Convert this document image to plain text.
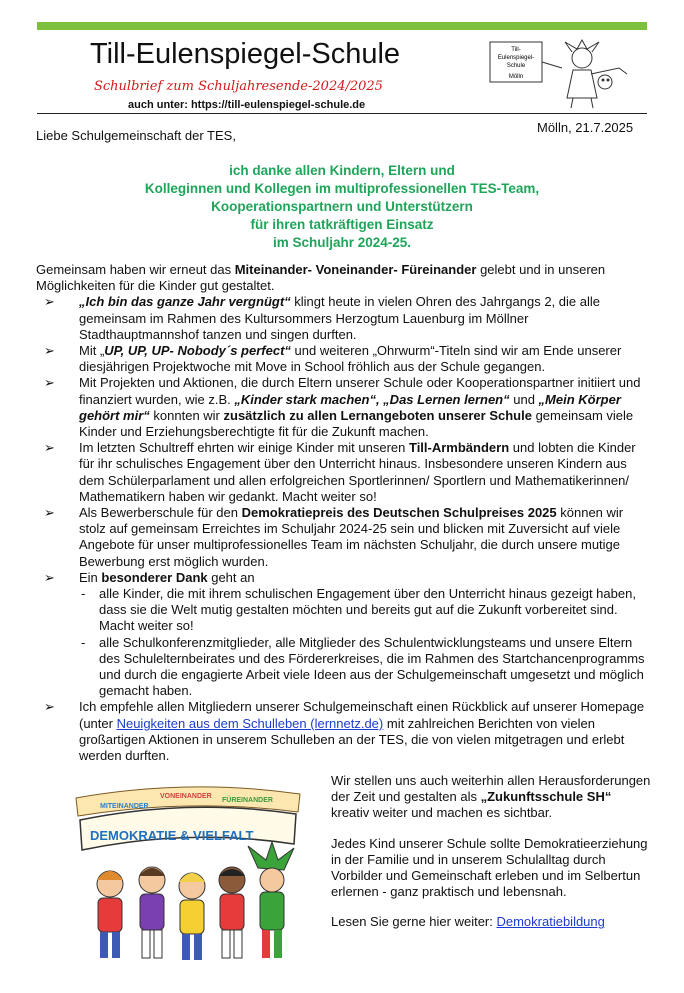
Till-Eulenspiegel-Schule
Schulbrief zum Schuljahresende-2024/2025
auch unter: https://till-eulenspiegel-schule.de
Till-
Eulenspiegel-
Schule
Mölln
Liebe Schulgemeinschaft der TES,
Mölln, 21.7.2025
ich danke allen Kindern, Eltern und
Kolleginnen und Kollegen im multiprofessionellen TES-Team,
Kooperationspartnern und Unterstützern
für ihren tatkräftigen Einsatz
im Schuljahr 2024-25.

Gemeinsam haben wir erneut das Miteinander- Voneinander- Füreinander gelebt und in unseren Möglichkeiten für die Kinder gut gestaltet.

➢ „Ich bin das ganze Jahr vergnügt“ klingt heute in vielen Ohren des Jahrgangs 2, die alle gemeinsam im Rahmen des Kultursommers Herzogtum Lauenburg im Möllner Stadthauptmannshof tanzen und singen durften.

➢ Mit „UP, UP, UP- Nobody´s perfect“ und weiteren „Ohrwurm“-Titeln sind wir am Ende unserer diesjährigen Projektwoche mit Move in School fröhlich aus der Schule gegangen.

➢ Mit Projekten und Aktionen, die durch Eltern unserer Schule oder Kooperationspartner initiiert und finanziert wurden, wie z.B. „Kinder stark machen“, „Das Lernen lernen“ und „Mein Körper gehört mir“ konnten wir zusätzlich zu allen Lernangeboten unserer Schule gemeinsam viele Kinder und Erziehungsberechtigte fit für die Zukunft machen.

➢ Im letzten Schultreff ehrten wir einige Kinder mit unseren Till-Armbändern und lobten die Kinder für ihr schulisches Engagement über den Unterricht hinaus. Insbesondere unseren Kindern aus dem Schülerparlament und allen erfolgreichen Sportlerinnen/ Sportlern und Mathematikerinnen/ Mathematikern haben wir gedankt. Macht weiter so!

➢ Als Bewerberschule für den Demokratiepreis des Deutschen Schulpreises 2025 können wir stolz auf gemeinsam Erreichtes im Schuljahr 2024-25 sein und blicken mit Zuversicht auf viele Angebote für unser multiprofessionelles Team im nächsten Schuljahr, die durch unsere mutige Bewerbung erst möglich wurden.

➢ Ein besonderer Dank geht an

- alle Kinder, die mit ihrem schulischen Engagement über den Unterricht hinaus gezeigt haben, dass sie die Welt mutig gestalten möchten und bereits gut auf die Zukunft vorbereitet sind. Macht weiter so!

- alle Schulkonferenzmitglieder, alle Mitglieder des Schulentwicklungsteams und unsere Eltern des Schulelternbeirates und des Fördererkreises, die im Rahmen des Startchancenprogramms und durch die engagierte Arbeit viele Ideen aus der Schulgemeinschaft umgesetzt und möglich gemacht haben.

➢ Ich empfehle allen Mitgliedern unserer Schulgemeinschaft einen Rückblick auf unserer Homepage (unter Neuigkeiten aus dem Schulleben (lernnetz.de) mit zahlreichen Berichten von vielen großartigen Aktionen in unserem Schulleben an der TES, die von vielen mitgetragen und erlebt werden durften.

MITEINANDER
VONEINANDER
FÜREINANDER
DEMOKRATIE & VIELFALT

Wir stellen uns auch weiterhin allen Herausforderungen der Zeit und gestalten als „Zukunftsschule SH“ kreativ weiter und machen es sichtbar.

Jedes Kind unserer Schule sollte Demokratieerziehung in der Familie und in unserem Schulalltag durch Vorbilder und Gemeinschaft erleben und im Selbertun erlernen - ganz praktisch und lebensnah.

Lesen Sie gerne hier weiter: Demokratiebildung
